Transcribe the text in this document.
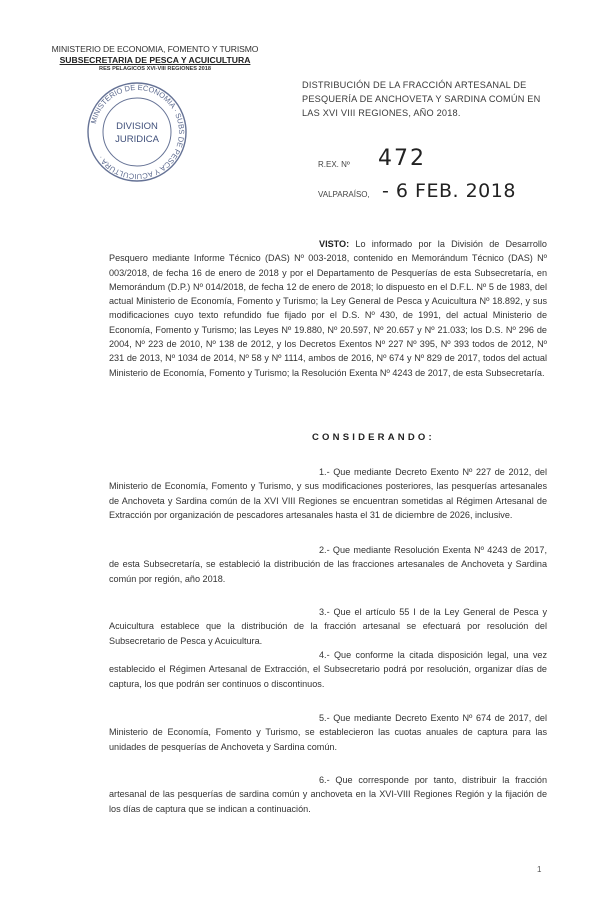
MINISTERIO DE ECONOMIA, FOMENTO Y TURISMO
SUBSECRETARIA DE PESCA Y ACUICULTURA
RES PELAGICOS XVI-VIII REGIONES 2018
MINISTERIO DE ECONOMIA · SUBS DE PESCA Y ACUICULTURA ·
DIVISION
JURIDICA
DISTRIBUCIÓN DE LA FRACCIÓN ARTESANAL DE PESQUERÍA DE ANCHOVETA Y SARDINA COMÚN EN LAS XVI VIII REGIONES, AÑO 2018.
R.EX. Nº 472
VALPARAÍSO, - 6 FEB. 2018

VISTO: Lo informado por la División de Desarrollo Pesquero mediante Informe Técnico (DAS) Nº 003-2018, contenido en Memorándum Técnico (DAS) Nº 003/2018, de fecha 16 de enero de 2018 y por el Departamento de Pesquerías de esta Subsecretaría, en Memorándum (D.P.) Nº 014/2018, de fecha 12 de enero de 2018; lo dispuesto en el D.F.L. Nº 5 de 1983, del actual Ministerio de Economía, Fomento y Turismo; la Ley General de Pesca y Acuicultura Nº 18.892, y sus modificaciones cuyo texto refundido fue fijado por el D.S. Nº 430, de 1991, del actual Ministerio de Economía, Fomento y Turismo; las Leyes Nº 19.880, Nº 20.597, Nº 20.657 y Nº 21.033; los D.S. Nº 296 de 2004, Nº 223 de 2010, Nº 138 de 2012, y los Decretos Exentos Nº 227 Nº 395, Nº 393 todos de 2012, Nº 231 de 2013, Nº 1034 de 2014, Nº 58 y Nº 1114, ambos de 2016, Nº 674 y Nº 829 de 2017, todos del actual Ministerio de Economía, Fomento y Turismo; la Resolución Exenta Nº 4243 de 2017, de esta Subsecretaría.

CONSIDERANDO:

1.- Que mediante Decreto Exento Nº 227 de 2012, del Ministerio de Economía, Fomento y Turismo, y sus modificaciones posteriores, las pesquerías artesanales de Anchoveta y Sardina común de la XVI VIII Regiones se encuentran sometidas al Régimen Artesanal de Extracción por organización de pescadores artesanales hasta el 31 de diciembre de 2026, inclusive.

2.- Que mediante Resolución Exenta Nº 4243 de 2017, de esta Subsecretaría, se estableció la distribución de las fracciones artesanales de Anchoveta y Sardina común por región, año 2018.

3.- Que el artículo 55 I de la Ley General de Pesca y Acuicultura establece que la distribución de la fracción artesanal se efectuará por resolución del Subsecretario de Pesca y Acuicultura.

4.- Que conforme la citada disposición legal, una vez establecido el Régimen Artesanal de Extracción, el Subsecretario podrá por resolución, organizar días de captura, los que podrán ser continuos o discontinuos.

5.- Que mediante Decreto Exento Nº 674 de 2017, del Ministerio de Economía, Fomento y Turismo, se establecieron las cuotas anuales de captura para las unidades de pesquerías de Anchoveta y Sardina común.

6.- Que corresponde por tanto, distribuir la fracción artesanal de las pesquerías de sardina común y anchoveta en la XVI-VIII Regiones Región y la fijación de los días de captura que se indican a continuación.

1
